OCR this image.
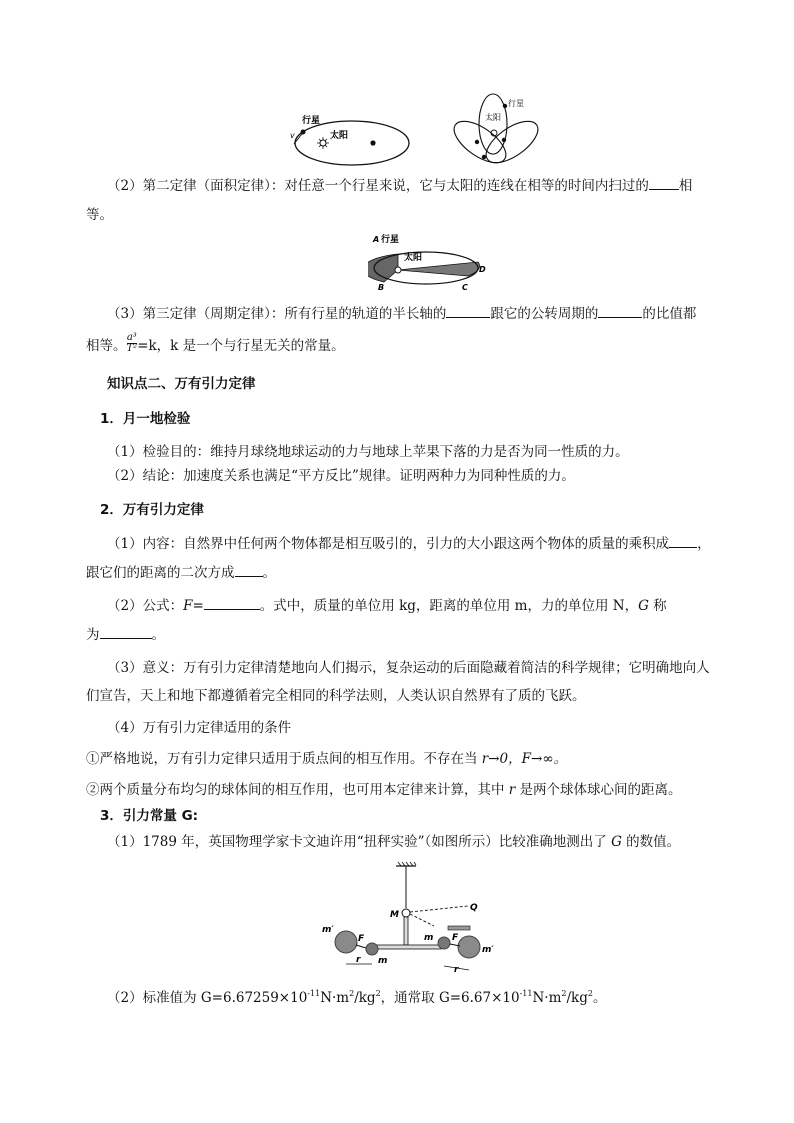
v
行星
太阳
行星
太阳
（2）第二定律（面积定律）：对任意一个行星来说，它与太阳的连线在相等的时间内扫过的 相
等。
A 行星
太阳
B	C
D
（3）第三定律（周期定律）：所有行星的轨道的半长轴的	跟它的公转周期的	的比值都
相等。 $\frac{\text{a³}}{\text{T²}} =k$，k 是一个与行星无关的常量。
知识点二、万有引力定律
1．月一地检验
（1）检验目的：维持月球绕地球运动的力与地球上苹果下落的力是否为同一性质的力。
（2）结论：加速度关系也满足“平方反比”规律。证明两种力为同种性质的力。
2．万有引力定律
（1）内容：自然界中任何两个物体都是相互吸引的，引力的大小跟这两个物体的质量的乘积成 ，
跟它们的距离的二次方成 。
（2）公式：F=	。式中，质量的单位用 kg，距离的单位用 m，力的单位用 N，G 称
为	。
（3）意义：万有引力定律清楚地向人们揭示，复杂运动的后面隐藏着简洁的科学规律；它明确地向人
们宣告，天上和地下都遵循着完全相同的科学法则，人类认识自然界有了质的飞跃。
（4）万有引力定律适用的条件
①严格地说，万有引力定律只适用于质点间的相互作用。不存在当 r→0，F→∞。
②两个质量分布均匀的球体间的相互作用，也可用本定律来计算，其中 r 是两个球体球心间的距离。
3．引力常量 G:
（1）1789 年，英国物理学家卡文迪许用“扭秤实验”（如图所示）比较准确地测出了 G 的数值。
m′
F
m
r
M
Q
m F
m′
r
（2）标准值为 $G=6.67259\times 10^{-11}N\cdot m^2/kg^2$，通常取 $G=6.67\times 10^{-11}N\cdot m^2/kg^2$。
